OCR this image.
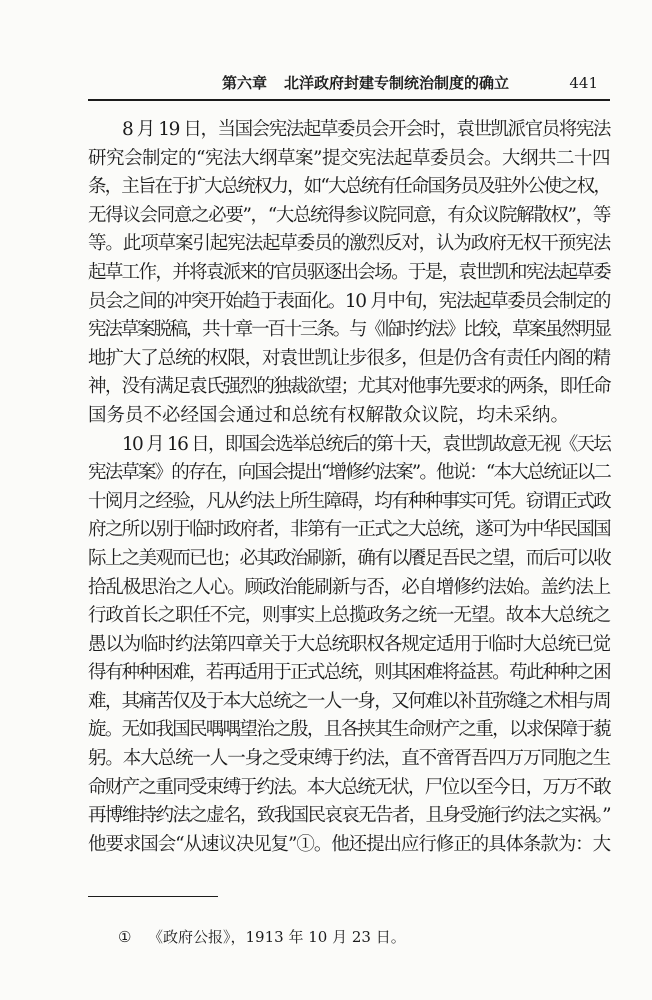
第六章 北洋政府封建专制统治制度的确立	441
8 月 19 日，当国会宪法起草委员会开会时，袁世凯派官员将宪法
研究会制定的“宪法大纲草案”提交宪法起草委员会。大纲共二十四
条，主旨在于扩大总统权力，如“大总统有任命国务员及驻外公使之权，
无得议会同意之必要”，“大总统得参议院同意，有众议院解散权”，等
等。此项草案引起宪法起草委员的激烈反对，认为政府无权干预宪法
起草工作，并将袁派来的官员驱逐出会场。于是，袁世凯和宪法起草委
员会之间的冲突开始趋于表面化。10 月中旬，宪法起草委员会制定的
宪法草案脱稿，共十章一百十三条。与《临时约法》比较，草案虽然明显
地扩大了总统的权限，对袁世凯让步很多，但是仍含有责任内阁的精
神，没有满足袁氏强烈的独裁欲望；尤其对他事先要求的两条，即任命
国务员不必经国会通过和总统有权解散众议院，均未采纳。
10 月 16 日，即国会选举总统后的第十天，袁世凯故意无视《天坛
宪法草案》的存在，向国会提出“增修约法案”。他说：“本大总统证以二
十阅月之经验，凡从约法上所生障碍，均有种种事实可凭。窃谓正式政
府之所以别于临时政府者，非第有一正式之大总统，遂可为中华民国国
际上之美观而已也；必其政治刷新，确有以餍足吾民之望，而后可以收
拾乱极思治之人心。顾政治能刷新与否，必自增修约法始。盖约法上
行政首长之职任不完，则事实上总揽政务之统一无望。故本大总统之
愚以为临时约法第四章关于大总统职权各规定适用于临时大总统已觉
得有种种困难，若再适用于正式总统，则其困难将益甚。苟此种种之困
难，其痛苦仅及于本大总统之一人一身，又何难以补苴弥缝之术相与周
旋。无如我国民喁喁望治之殷，且各挟其生命财产之重，以求保障于藐
躬。本大总统一人一身之受束缚于约法，直不啻胥吾四万万同胞之生
命财产之重同受束缚于约法。本大总统无状，尸位以至今日，万万不敢
再博维持约法之虚名，致我国民哀哀无告者，且身受施行约法之实祸。”
他要求国会“从速议决见复”①。他还提出应行修正的具体条款为：大
① 《政府公报》，1913 年 10 月 23 日。
